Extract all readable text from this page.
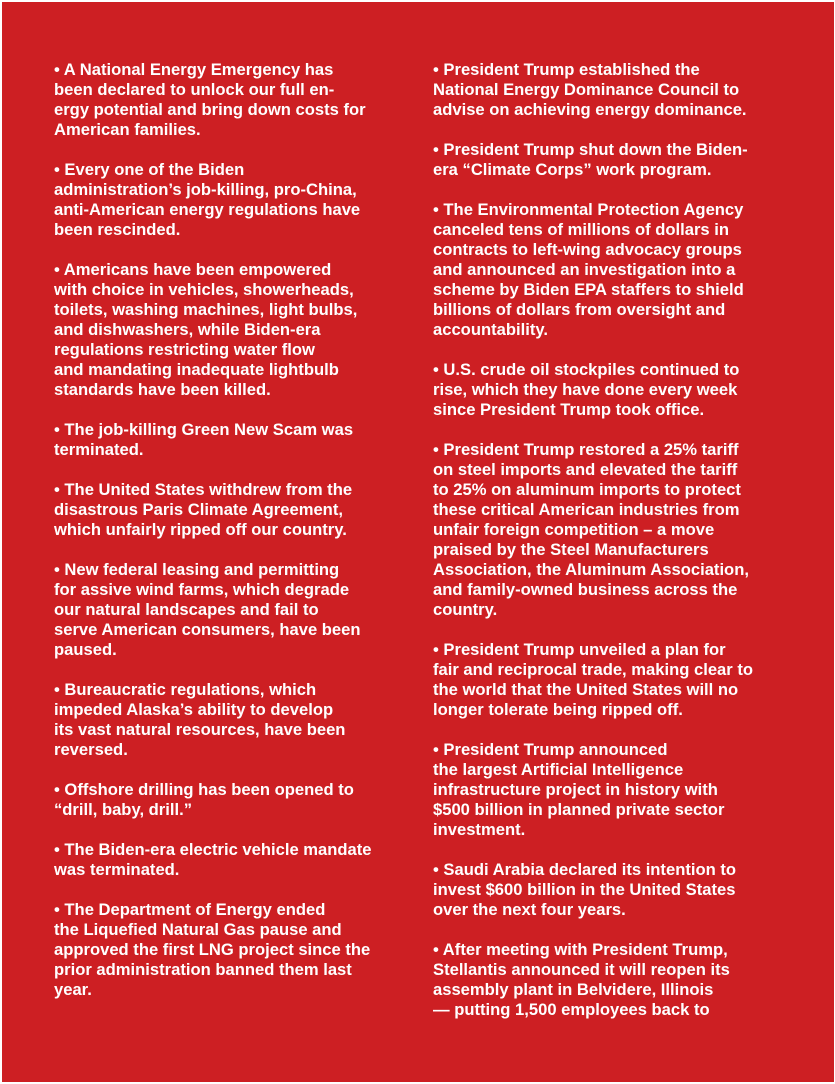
• A National Energy Emergency has
been declared to unlock our full en-
ergy potential and bring down costs for
American families.

• Every one of the Biden
administration’s job-killing, pro-China,
anti-American energy regulations have
been rescinded.

• Americans have been empowered
with choice in vehicles, showerheads,
toilets, washing machines, light bulbs,
and dishwashers, while Biden-era
regulations restricting water flow
and mandating inadequate lightbulb
standards have been killed.

• The job-killing Green New Scam was
terminated.

• The United States withdrew from the
disastrous Paris Climate Agreement,
which unfairly ripped off our country.

• New federal leasing and permitting
for assive wind farms, which degrade
our natural landscapes and fail to
serve American consumers, have been
paused.

• Bureaucratic regulations, which
impeded Alaska’s ability to develop
its vast natural resources, have been
reversed.

• Offshore drilling has been opened to
“drill, baby, drill.”

• The Biden-era electric vehicle mandate
was terminated.

• The Department of Energy ended
the Liquefied Natural Gas pause and
approved the first LNG project since the
prior administration banned them last
year.

• President Trump established the
National Energy Dominance Council to
advise on achieving energy dominance.

• President Trump shut down the Biden-
era “Climate Corps” work program.

• The Environmental Protection Agency
canceled tens of millions of dollars in
contracts to left-wing advocacy groups
and announced an investigation into a
scheme by Biden EPA staffers to shield
billions of dollars from oversight and
accountability.

• U.S. crude oil stockpiles continued to
rise, which they have done every week
since President Trump took office.

• President Trump restored a 25% tariff
on steel imports and elevated the tariff
to 25% on aluminum imports to protect
these critical American industries from
unfair foreign competition – a move
praised by the Steel Manufacturers
Association, the Aluminum Association,
and family-owned business across the
country.

• President Trump unveiled a plan for
fair and reciprocal trade, making clear to
the world that the United States will no
longer tolerate being ripped off.

• President Trump announced
the largest Artificial Intelligence
infrastructure project in history with
$500 billion in planned private sector
investment.

• Saudi Arabia declared its intention to
invest $600 billion in the United States
over the next four years.

• After meeting with President Trump,
Stellantis announced it will reopen its
assembly plant in Belvidere, Illinois
— putting 1,500 employees back to
